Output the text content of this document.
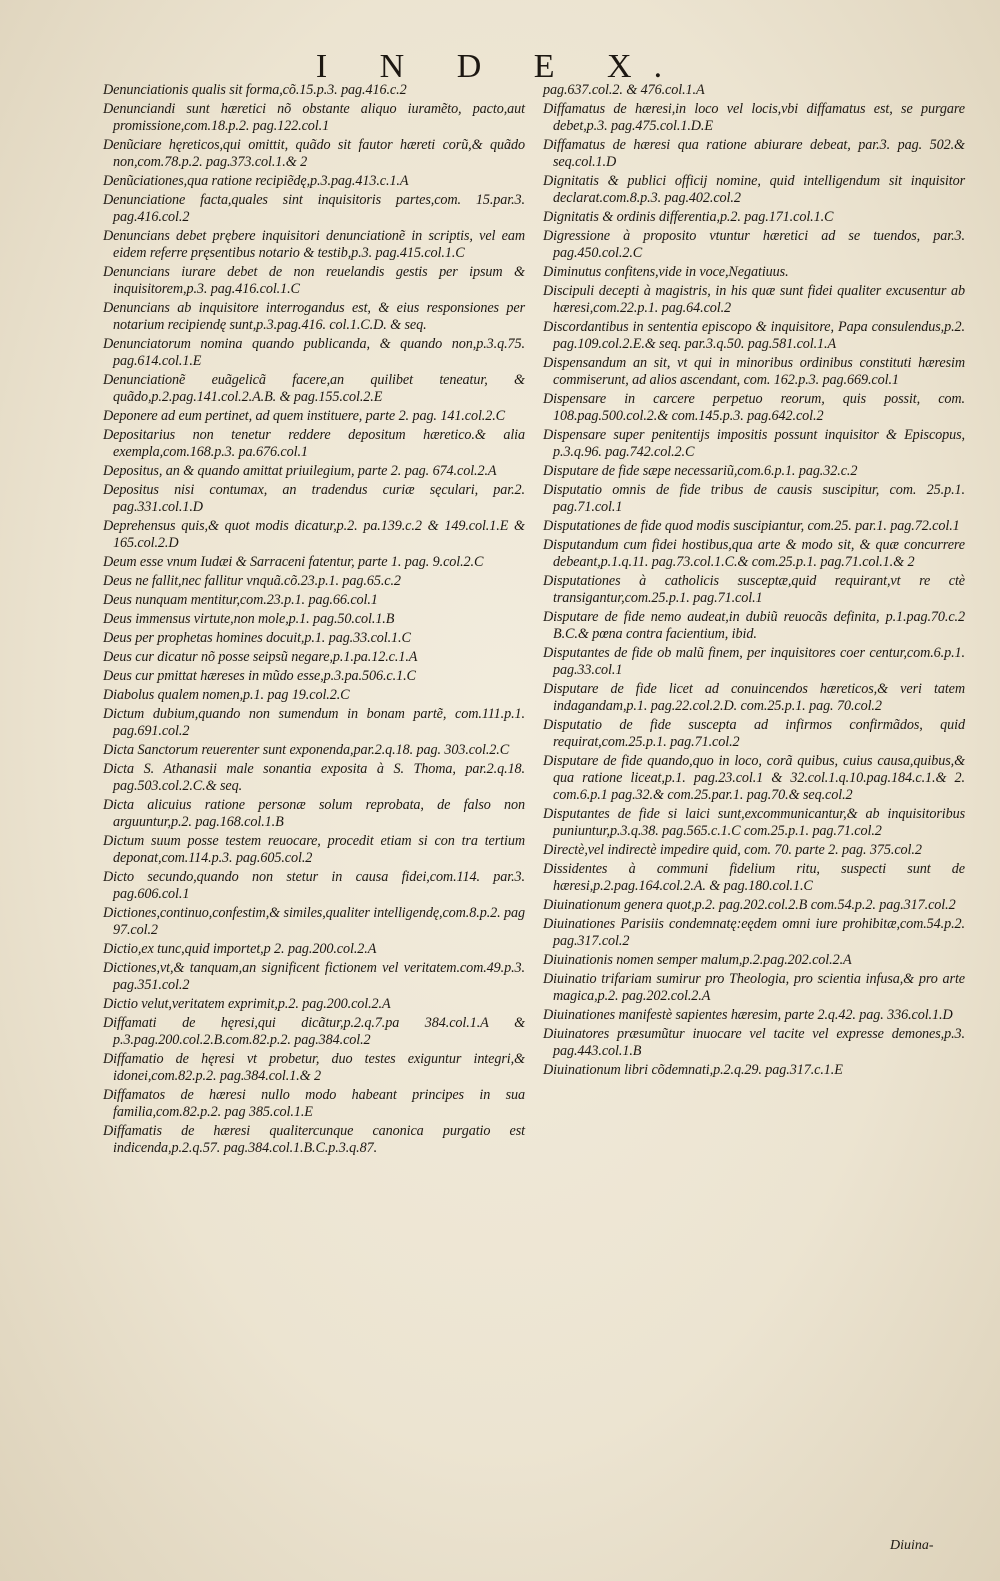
I N D E X.
Denunciationis qualis sit forma,cõ.15.p.3. pag.416.c.2
Denunciandi sunt hæretici nõ obstante aliquo iuramẽto, pacto,aut promissione,com.18.p.2. pag.122.col.1
Denũciare hęreticos,qui omittit, quãdo sit fautor hæreti corũ,& quãdo non,com.78.p.2. pag.373.col.1.& 2
Denũciationes,qua ratione recipiẽdę,p.3.pag.413.c.1.A
Denunciatione facta,quales sint inquisitoris partes,com. 15.par.3. pag.416.col.2
Denuncians debet prębere inquisitori denunciationẽ in scriptis, vel eam eidem referre pręsentibus notario & testib,p.3. pag.415.col.1.C
Denuncians iurare debet de non reuelandis gestis per ipsum & inquisitorem,p.3. pag.416.col.1.C
Denuncians ab inquisitore interrogandus est, & eius responsiones per notarium recipiendę sunt,p.3.pag.416. col.1.C.D. & seq.
Denunciatorum nomina quando publicanda, & quando non,p.3.q.75. pag.614.col.1.E
Denunciationẽ euãgelicã facere,an quilibet teneatur, & quãdo,p.2.pag.141.col.2.A.B. & pag.155.col.2.E
Deponere ad eum pertinet, ad quem instituere, parte 2. pag. 141.col.2.C
Depositarius non tenetur reddere depositum hæretico.& alia exempla,com.168.p.3. pa.676.col.1
Depositus, an & quando amittat priuilegium, parte 2. pag. 674.col.2.A
Depositus nisi contumax, an tradendus curiæ sęculari, par.2. pag.331.col.1.D
Deprehensus quis,& quot modis dicatur,p.2. pa.139.c.2 & 149.col.1.E & 165.col.2.D
Deum esse vnum Iudæi & Sarraceni fatentur, parte 1. pag. 9.col.2.C
Deus ne fallit,nec fallitur vnquã.cõ.23.p.1. pag.65.c.2
Deus nunquam mentitur,com.23.p.1. pag.66.col.1
Deus immensus virtute,non mole,p.1. pag.50.col.1.B
Deus per prophetas homines docuit,p.1. pag.33.col.1.C
Deus cur dicatur nõ posse seipsũ negare,p.1.pa.12.c.1.A
Deus cur pmittat hæreses in mũdo esse,p.3.pa.506.c.1.C
Diabolus qualem nomen,p.1. pag 19.col.2.C
Dictum dubium,quando non sumendum in bonam partẽ, com.111.p.1. pag.691.col.2
Dicta Sanctorum reuerenter sunt exponenda,par.2.q.18. pag. 303.col.2.C
Dicta S. Athanasii male sonantia exposita à S. Thoma, par.2.q.18. pag.503.col.2.C.& seq.
Dicta alicuius ratione personæ solum reprobata, de falso non arguuntur,p.2. pag.168.col.1.B
Dictum suum posse testem reuocare, procedit etiam si con tra tertium deponat,com.114.p.3. pag.605.col.2
Dicto secundo,quando non stetur in causa fidei,com.114. par.3. pag.606.col.1
Dictiones,continuo,confestim,& similes,qualiter intelligendę,com.8.p.2. pag 97.col.2
Dictio,ex tunc,quid importet,p 2. pag.200.col.2.A
Dictiones,vt,& tanquam,an significent fictionem vel veritatem.com.49.p.3. pag.351.col.2
Dictio velut,veritatem exprimit,p.2. pag.200.col.2.A
Diffamati de hęresi,qui dicãtur,p.2.q.7.pa 384.col.1.A & p.3.pag.200.col.2.B.com.82.p.2. pag.384.col.2
Diffamatio de hęresi vt probetur, duo testes exiguntur integri,& idonei,com.82.p.2. pag.384.col.1.& 2
Diffamatos de hæresi nullo modo habeant principes in sua familia,com.82.p.2. pag 385.col.1.E
Diffamatis de hæresi qualitercunque canonica purgatio est indicenda,p.2.q.57. pag.384.col.1.B.C.p.3.q.87.
pag.637.col.2. & 476.col.1.A
Diffamatus de hæresi,in loco vel locis,vbi diffamatus est, se purgare debet,p.3. pag.475.col.1.D.E
Diffamatus de hæresi qua ratione abiurare debeat, par.3. pag. 502.& seq.col.1.D
Dignitatis & publici officij nomine, quid intelligendum sit inquisitor declarat.com.8.p.3. pag.402.col.2
Dignitatis & ordinis differentia,p.2. pag.171.col.1.C
Digressione à proposito vtuntur hæretici ad se tuendos, par.3. pag.450.col.2.C
Diminutus confitens,vide in voce,Negatiuus.
Discipuli decepti à magistris, in his quæ sunt fidei qualiter excusentur ab hæresi,com.22.p.1. pag.64.col.2
Discordantibus in sententia episcopo & inquisitore, Papa consulendus,p.2. pag.109.col.2.E.& seq. par.3.q.50. pag.581.col.1.A
Dispensandum an sit, vt qui in minoribus ordinibus constituti hæresim commiserunt, ad alios ascendant, com. 162.p.3. pag.669.col.1
Dispensare in carcere perpetuo reorum, quis possit, com. 108.pag.500.col.2.& com.145.p.3. pag.642.col.2
Dispensare super penitentijs impositis possunt inquisitor & Episcopus, p.3.q.96. pag.742.col.2.C
Disputare de fide sæpe necessariũ,com.6.p.1. pag.32.c.2
Disputatio omnis de fide tribus de causis suscipitur, com. 25.p.1. pag.71.col.1
Disputationes de fide quod modis suscipiantur, com.25. par.1. pag.72.col.1
Disputandum cum fidei hostibus,qua arte & modo sit, & quæ concurrere debeant,p.1.q.11. pag.73.col.1.C.& com.25.p.1. pag.71.col.1.& 2
Disputationes à catholicis susceptæ,quid requirant,vt re ctè transigantur,com.25.p.1. pag.71.col.1
Disputare de fide nemo audeat,in dubiũ reuocãs definita, p.1.pag.70.c.2 B.C.& pœna contra facientium, ibid.
Disputantes de fide ob malũ finem, per inquisitores coer centur,com.6.p.1. pag.33.col.1
Disputare de fide licet ad conuincendos hæreticos,& veri tatem indagandam,p.1. pag.22.col.2.D. com.25.p.1. pag. 70.col.2
Disputatio de fide suscepta ad infirmos confirmãdos, quid requirat,com.25.p.1. pag.71.col.2
Disputare de fide quando,quo in loco, corã quibus, cuius causa,quibus,& qua ratione liceat,p.1. pag.23.col.1 & 32.col.1.q.10.pag.184.c.1.& 2. com.6.p.1 pag.32.& com.25.par.1. pag.70.& seq.col.2
Disputantes de fide si laici sunt,excommunicantur,& ab inquisitoribus puniuntur,p.3.q.38. pag.565.c.1.C com.25.p.1. pag.71.col.2
Directè,vel indirectè impedire quid, com. 70. parte 2. pag. 375.col.2
Dissidentes à communi fidelium ritu, suspecti sunt de hæresi,p.2.pag.164.col.2.A. & pag.180.col.1.C
Diuinationum genera quot,p.2. pag.202.col.2.B com.54.p.2. pag.317.col.2
Diuinationes Parisiis condemnatę:eędem omni iure prohibitæ,com.54.p.2. pag.317.col.2
Diuinationis nomen semper malum,p.2.pag.202.col.2.A
Diuinatio trifariam sumirur pro Theologia, pro scientia infusa,& pro arte magica,p.2. pag.202.col.2.A
Diuinationes manifestè sapientes hæresim, parte 2.q.42. pag. 336.col.1.D
Diuinatores præsumũtur inuocare vel tacite vel expresse demones,p.3. pag.443.col.1.B
Diuinationum libri cõdemnati,p.2.q.29. pag.317.c.1.E
Diuina-
